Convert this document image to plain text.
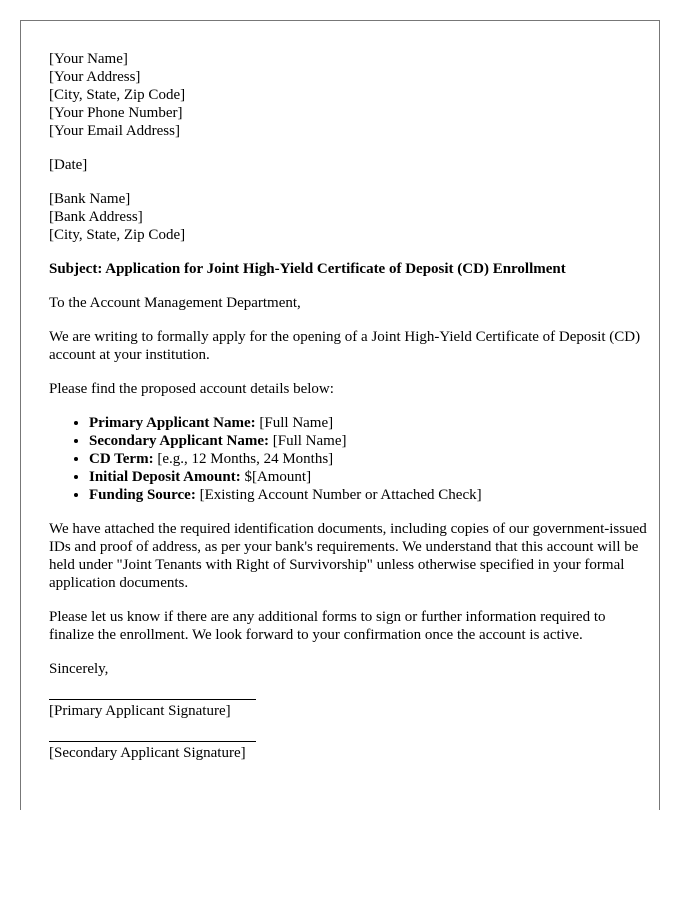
[Your Name]
[Your Address]
[City, State, Zip Code]
[Your Phone Number]
[Your Email Address]
[Date]
[Bank Name]
[Bank Address]
[City, State, Zip Code]

Subject: Application for Joint High-Yield Certificate of Deposit (CD) Enrollment

To the Account Management Department,

We are writing to formally apply for the opening of a Joint High-Yield Certificate of Deposit (CD) account at your institution.

Please find the proposed account details below:

• Primary Applicant Name: [Full Name]
• Secondary Applicant Name: [Full Name]
• CD Term: [e.g., 12 Months, 24 Months]
• Initial Deposit Amount: $[Amount]
• Funding Source: [Existing Account Number or Attached Check]

We have attached the required identification documents, including copies of our government-issued IDs and proof of address, as per your bank's requirements. We understand that this account will be held under "Joint Tenants with Right of Survivorship" unless otherwise specified in your formal application documents.

Please let us know if there are any additional forms to sign or further information required to finalize the enrollment. We look forward to your confirmation once the account is active.

Sincerely,

[Primary Applicant Signature]
[Secondary Applicant Signature]
